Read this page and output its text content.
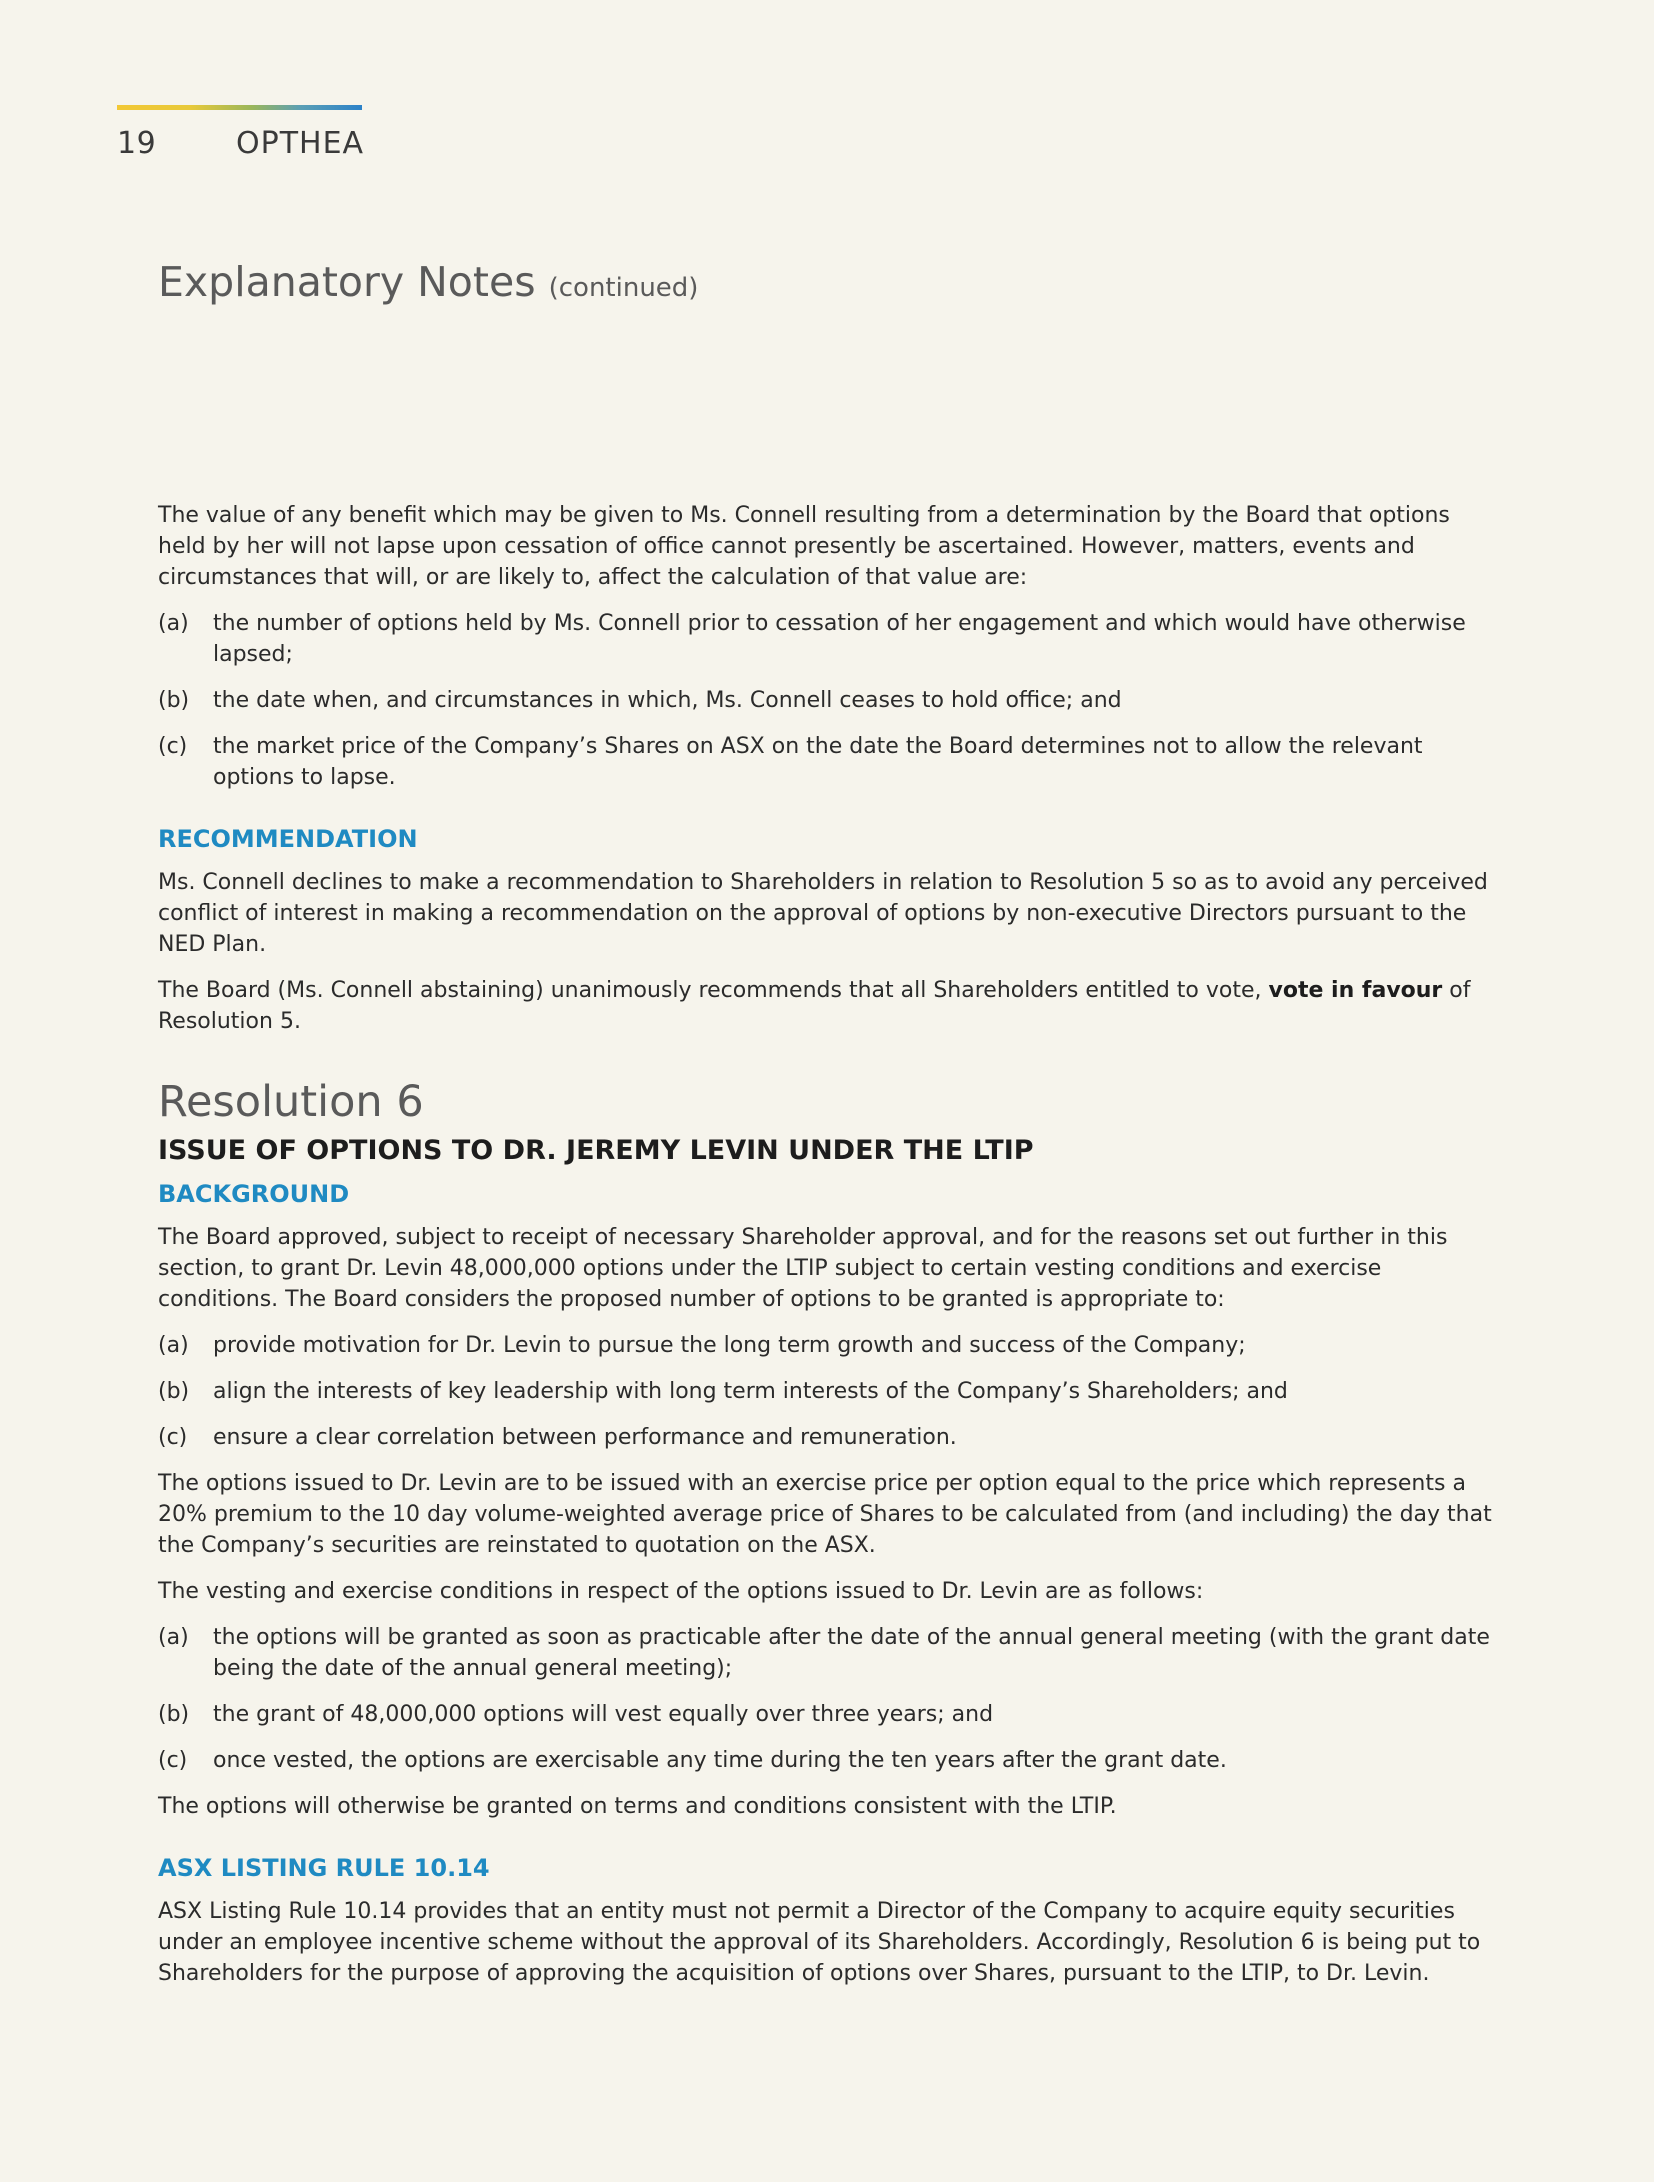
19	OPTHEA
Explanatory Notes (continued)

The value of any benefit which may be given to Ms. Connell resulting from a determination by the Board that options held by her will not lapse upon cessation of office cannot presently be ascertained. However, matters, events and circumstances that will, or are likely to, affect the calculation of that value are:

(a) the number of options held by Ms. Connell prior to cessation of her engagement and which would have otherwise lapsed;
(b) the date when, and circumstances in which, Ms. Connell ceases to hold office; and
(c) the market price of the Company’s Shares on ASX on the date the Board determines not to allow the relevant options to lapse.
RECOMMENDATION

Ms. Connell declines to make a recommendation to Shareholders in relation to Resolution 5 so as to avoid any perceived conflict of interest in making a recommendation on the approval of options by non-executive Directors pursuant to the NED Plan.

The Board (Ms. Connell abstaining) unanimously recommends that all Shareholders entitled to vote, vote in favour of Resolution 5.

Resolution 6
ISSUE OF OPTIONS TO DR. JEREMY LEVIN UNDER THE LTIP
BACKGROUND

The Board approved, subject to receipt of necessary Shareholder approval, and for the reasons set out further in this section, to grant Dr. Levin 48,000,000 options under the LTIP subject to certain vesting conditions and exercise conditions. The Board considers the proposed number of options to be granted is appropriate to:

(a) provide motivation for Dr. Levin to pursue the long term growth and success of the Company;
(b) align the interests of key leadership with long term interests of the Company’s Shareholders; and
(c) ensure a clear correlation between performance and remuneration.

The options issued to Dr. Levin are to be issued with an exercise price per option equal to the price which represents a 20% premium to the 10 day volume-weighted average price of Shares to be calculated from (and including) the day that the Company’s securities are reinstated to quotation on the ASX.

The vesting and exercise conditions in respect of the options issued to Dr. Levin are as follows:

(a) the options will be granted as soon as practicable after the date of the annual general meeting (with the grant date being the date of the annual general meeting);
(b) the grant of 48,000,000 options will vest equally over three years; and
(c) once vested, the options are exercisable any time during the ten years after the grant date.

The options will otherwise be granted on terms and conditions consistent with the LTIP.

ASX LISTING RULE 10.14

ASX Listing Rule 10.14 provides that an entity must not permit a Director of the Company to acquire equity securities under an employee incentive scheme without the approval of its Shareholders. Accordingly, Resolution 6 is being put to Shareholders for the purpose of approving the acquisition of options over Shares, pursuant to the LTIP, to Dr. Levin.
